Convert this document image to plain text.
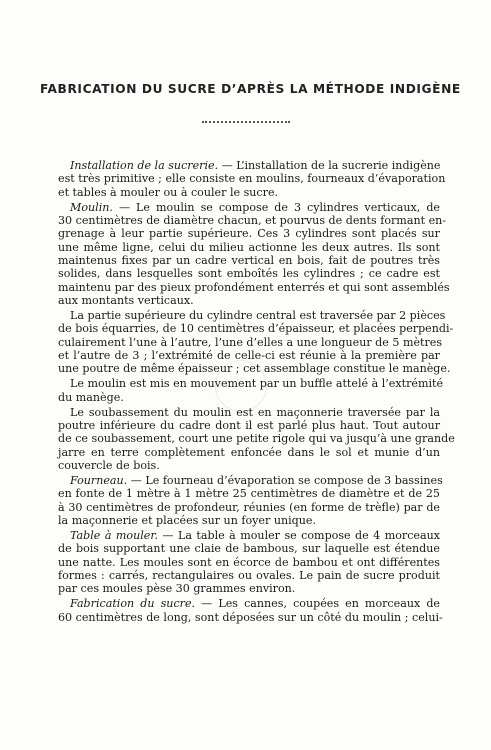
FABRICATION DU SUCRE D’APRÈS LA MÉTHODE INDIGÈNE
Installation de la sucrerie. — L’installation de la sucrerie indigène
est très primitive ; elle consiste en moulins, fourneaux d’évaporation
et tables à mouler ou à couler le sucre.
Moulin. — Le moulin se compose de 3 cylindres verticaux, de
30 centimètres de diamètre chacun, et pourvus de dents formant en-
grenage à leur partie supérieure. Ces 3 cylindres sont placés sur
une même ligne, celui du milieu actionne les deux autres. Ils sont
maintenus fixes par un cadre vertical en bois, fait de poutres très
solides, dans lesquelles sont emboîtés les cylindres ; ce cadre est
maintenu par des pieux profondément enterrés et qui sont assemblés
aux montants verticaux.
La partie supérieure du cylindre central est traversée par 2 pièces
de bois équarries, de 10 centimètres d’épaisseur, et placées perpendi-
culairement l’une à l’autre, l’une d’elles a une longueur de 5 mètres
et l’autre de 3 ; l’extrémité de celle-ci est réunie à la première par
une poutre de même épaisseur ; cet assemblage constitue le manège.
Le moulin est mis en mouvement par un buffle attelé à l’extrémité
du manège.
Le soubassement du moulin est en maçonnerie traversée par la
poutre inférieure du cadre dont il est parlé plus haut. Tout autour
de ce soubassement, court une petite rigole qui va jusqu’à une grande
jarre en terre complètement enfoncée dans le sol et munie d’un
couvercle de bois.
Fourneau. — Le fourneau d’évaporation se compose de 3 bassines
en fonte de 1 mètre à 1 mètre 25 centimètres de diamètre et de 25
à 30 centimètres de profondeur, réunies (en forme de trèfle) par de
la maçonnerie et placées sur un foyer unique.
Table à mouler. — La table à mouler se compose de 4 morceaux
de bois supportant une claie de bambous, sur laquelle est étendue
une natte. Les moules sont en écorce de bambou et ont différentes
formes : carrés, rectangulaires ou ovales. Le pain de sucre produit
par ces moules pèse 30 grammes environ.
Fabrication du sucre. — Les cannes, coupées en morceaux de
60 centimètres de long, sont déposées sur un côté du moulin ; celui-
